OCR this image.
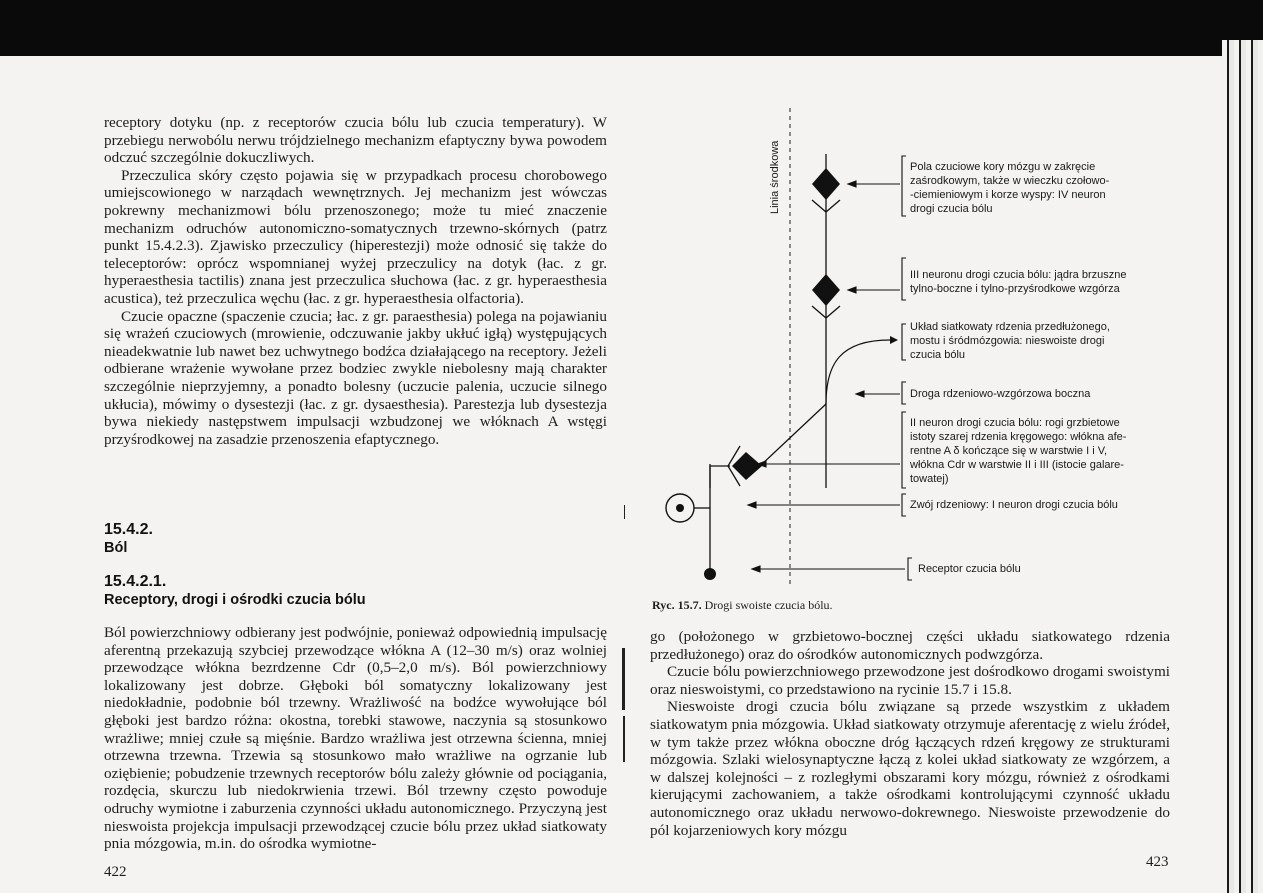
receptory dotyku (np. z receptorów czucia bólu lub czucia temperatury). W przebiegu nerwobólu nerwu trójdzielnego mechanizm efaptyczny bywa powodem odczuć szczególnie dokuczliwych.

Przeczulica skóry często pojawia się w przypadkach procesu chorobowego umiejscowionego w narządach wewnętrznych. Jej mechanizm jest wówczas pokrewny mechanizmowi bólu przenoszonego; może tu mieć znaczenie mechanizm odruchów autonomiczno-somatycznych trzewno-skórnych (patrz punkt 15.4.2.3). Zjawisko przeczulicy (hiperestezji) może odnosić się także do teleceptorów: oprócz wspomnianej wyżej przeczulicy na dotyk (łac. z gr. hyperaesthesia tactilis) znana jest przeczulica słuchowa (łac. z gr. hyperaesthesia acustica), też przeczulica węchu (łac. z gr. hyperaesthesia olfactoria).

Czucie opaczne (spaczenie czucia; łac. z gr. paraesthesia) polega na pojawianiu się wrażeń czuciowych (mrowienie, odczuwanie jakby ukłuć igłą) występujących nieadekwatnie lub nawet bez uchwytnego bodźca działającego na receptory. Jeżeli odbierane wrażenie wywołane przez bodziec zwykle niebolesny mają charakter szczególnie nieprzyjemny, a ponadto bolesny (uczucie palenia, uczucie silnego ukłucia), mówimy o dysestezji (łac. z gr. dysaesthesia). Parestezja lub dysestezja bywa niekiedy następstwem impulsacji wzbudzonej we włóknach A wstęgi przyśrodkowej na zasadzie przenoszenia efaptycznego.

15.4.2.
Ból
15.4.2.1.
Receptory, drogi i ośrodki czucia bólu

Ból powierzchniowy odbierany jest podwójnie, ponieważ odpowiednią impulsację aferentną przekazują szybciej przewodzące włókna A (12–30 m/s) oraz wolniej przewodzące włókna bezrdzenne Cdr (0,5–2,0 m/s). Ból powierzchniowy lokalizowany jest dobrze. Głęboki ból somatyczny lokalizowany jest niedokładnie, podobnie ból trzewny. Wrażliwość na bodźce wywołujące ból głęboki jest bardzo różna: okostna, torebki stawowe, naczynia są stosunkowo wrażliwe; mniej czułe są mięśnie. Bardzo wrażliwa jest otrzewna ścienna, mniej otrzewna trzewna. Trzewia są stosunkowo mało wrażliwe na ogrzanie lub oziębienie; pobudzenie trzewnych receptorów bólu zależy głównie od pociągania, rozdęcia, skurczu lub niedokrwienia trzewi. Ból trzewny często powoduje odruchy wymiotne i zaburzenia czynności układu autonomicznego. Przyczyną jest nieswoista projekcja impulsacji przewodzącej czucie bólu przez układ siatkowaty pnia mózgowia, m.in. do ośrodka wymiotne-

422
Linia środkowa	Pola czuciowe kory mózgu w zakręcie
zaśrodkowym, także w wieczku czołowo-
-ciemieniowym i korze wyspy: IV neuron
drogi czucia bólu
III neuronu drogi czucia bólu: jądra brzuszne
tylno-boczne i tylno-przyśrodkowe wzgórza
Układ siatkowaty rdzenia przedłużonego,
mostu i śródmózgowia: nieswoiste drogi
czucia bólu
Droga rdzeniowo-wzgórzowa boczna
II neuron drogi czucia bólu: rogi grzbietowe
istoty szarej rdzenia kręgowego: włókna afe-
rentne A δ kończące się w warstwie I i V,
włókna Cdr w warstwie II i III (istocie galare-
towatej)
Zwój rdzeniowy: I neuron drogi czucia bólu
Receptor czucia bólu
Ryc. 15.7. Drogi swoiste czucia bólu.

go (położonego w grzbietowo-bocznej części układu siatkowatego rdzenia przedłużonego) oraz do ośrodków autonomicznych podwzgórza.

Czucie bólu powierzchniowego przewodzone jest dośrodkowo drogami swoistymi oraz nieswoistymi, co przedstawiono na rycinie 15.7 i 15.8.

Nieswoiste drogi czucia bólu związane są przede wszystkim z układem siatkowatym pnia mózgowia. Układ siatkowaty otrzymuje aferentację z wielu źródeł, w tym także przez włókna oboczne dróg łączących rdzeń kręgowy ze strukturami mózgowia. Szlaki wielosynaptyczne łączą z kolei układ siatkowaty ze wzgórzem, a w dalszej kolejności – z rozległymi obszarami kory mózgu, również z ośrodkami kierującymi zachowaniem, a także ośrodkami kontrolującymi czynność układu autonomicznego oraz układu nerwowo-dokrewnego. Nieswoiste przewodzenie do pól kojarzeniowych kory mózgu

423
